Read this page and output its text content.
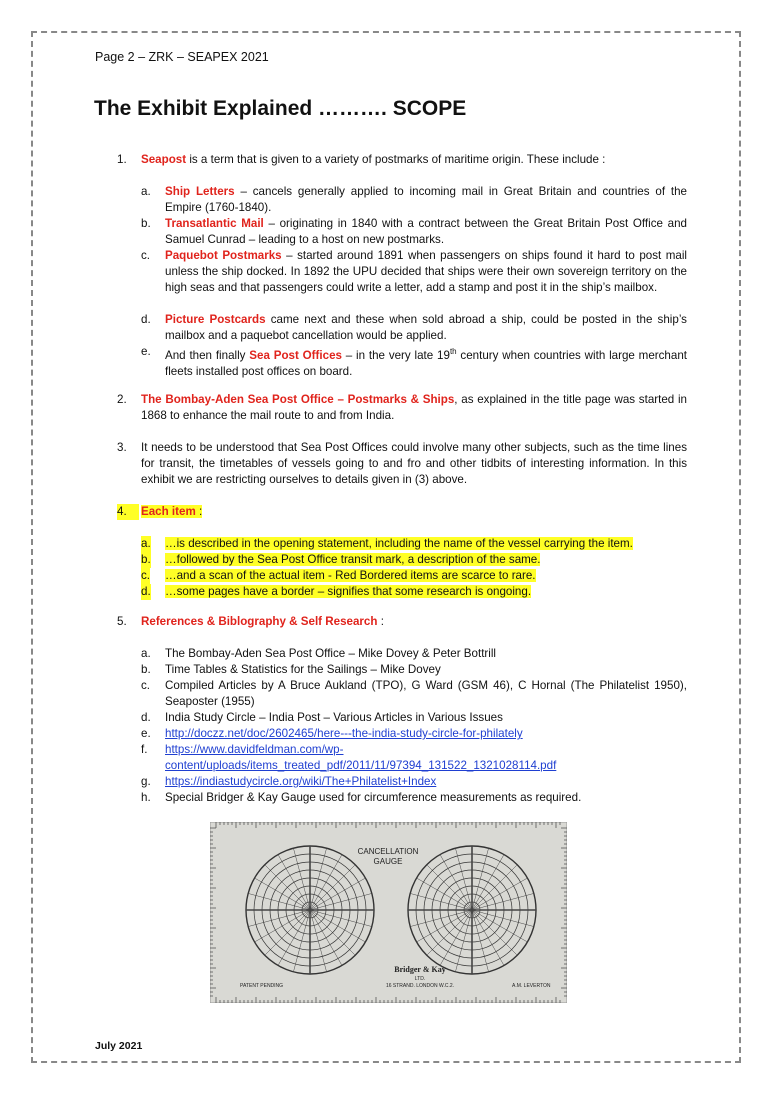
Page 2 – ZRK – SEAPEX 2021
The Exhibit Explained ………. SCOPE
1.	Seapost is a term that is given to a variety of postmarks of maritime origin. These include :
a. Ship Letters – cancels generally applied to incoming mail in Great Britain and countries of the Empire (1760-1840).
b. Transatlantic Mail – originating in 1840 with a contract between the Great Britain Post Office and Samuel Cunrad – leading to a host on new postmarks.
c. Paquebot Postmarks – started around 1891 when passengers on ships found it hard to post mail unless the ship docked. In 1892 the UPU decided that ships were their own sovereign territory on the high seas and that passengers could write a letter, add a stamp and post it in the ship’s mailbox.
d. Picture Postcards came next and these when sold abroad a ship, could be posted in the ship’s mailbox and a paquebot cancellation would be applied.
e. And then finally Sea Post Offices – in the very late 19th century when countries with large merchant fleets installed post offices on board.
2.	The Bombay-Aden Sea Post Office – Postmarks & Ships, as explained in the title page was started in 1868 to enhance the mail route to and from India.
3.	It needs to be understood that Sea Post Offices could involve many other subjects, such as the time lines for transit, the timetables of vessels going to and fro and other tidbits of interesting information. In this exhibit we are restricting ourselves to details given in (3) above.
4.	Each item :
a. …is described in the opening statement, including the name of the vessel carrying the item.
b. …followed by the Sea Post Office transit mark, a description of the same.
c. …and a scan of the actual item - Red Bordered items are scarce to rare.
d. …some pages have a border – signifies that some research is ongoing.
5.	References & Biblography & Self Research :
a. The Bombay-Aden Sea Post Office – Mike Dovey & Peter Bottrill
b. Time Tables & Statistics for the Sailings – Mike Dovey
c. Compiled Articles by A Bruce Aukland (TPO), G Ward (GSM 46), C Hornal (The Philatelist 1950), Seaposter (1955)
d. India Study Circle – India Post – Various Articles in Various Issues
e. http://doczz.net/doc/2602465/here---the-india-study-circle-for-philately
f. https://www.davidfeldman.com/wp-
content/uploads/items_treated_pdf/2011/11/97394_131522_1321028114.pdf
g. https://indiastudycircle.org/wiki/The+Philatelist+Index
h. Special Bridger & Kay Gauge used for circumference measurements as required.
CANCELLATION
GAUGE
Bridger & Kay
LTD.
16 STRAND. LONDON W.C.2.
PATENT PENDING	A.M. LEVERTON
July 2021
